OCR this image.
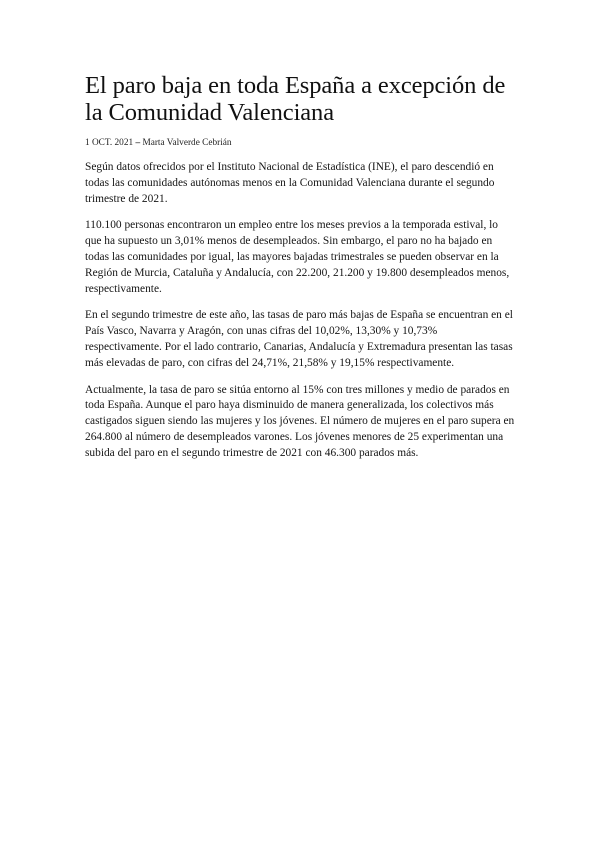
El paro baja en toda España a excepción de la Comunidad Valenciana
1 OCT. 2021 – Marta Valverde Cebrián

Según datos ofrecidos por el Instituto Nacional de Estadística (INE), el paro descendió en todas las comunidades autónomas menos en la Comunidad Valenciana durante el segundo trimestre de 2021.

110.100 personas encontraron un empleo entre los meses previos a la temporada estival, lo que ha supuesto un 3,01% menos de desempleados. Sin embargo, el paro no ha bajado en todas las comunidades por igual, las mayores bajadas trimestrales se pueden observar en la Región de Murcia, Cataluña y Andalucía, con 22.200, 21.200 y 19.800 desempleados menos, respectivamente.

En el segundo trimestre de este año, las tasas de paro más bajas de España se encuentran en el País Vasco, Navarra y Aragón, con unas cifras del 10,02%, 13,30% y 10,73% respectivamente. Por el lado contrario, Canarias, Andalucía y Extremadura presentan las tasas más elevadas de paro, con cifras del 24,71%, 21,58% y 19,15% respectivamente.

Actualmente, la tasa de paro se sitúa entorno al 15% con tres millones y medio de parados en toda España. Aunque el paro haya disminuido de manera generalizada, los colectivos más castigados siguen siendo las mujeres y los jóvenes. El número de mujeres en el paro supera en 264.800 al número de desempleados varones. Los jóvenes menores de 25 experimentan una subida del paro en el segundo trimestre de 2021 con 46.300 parados más.
